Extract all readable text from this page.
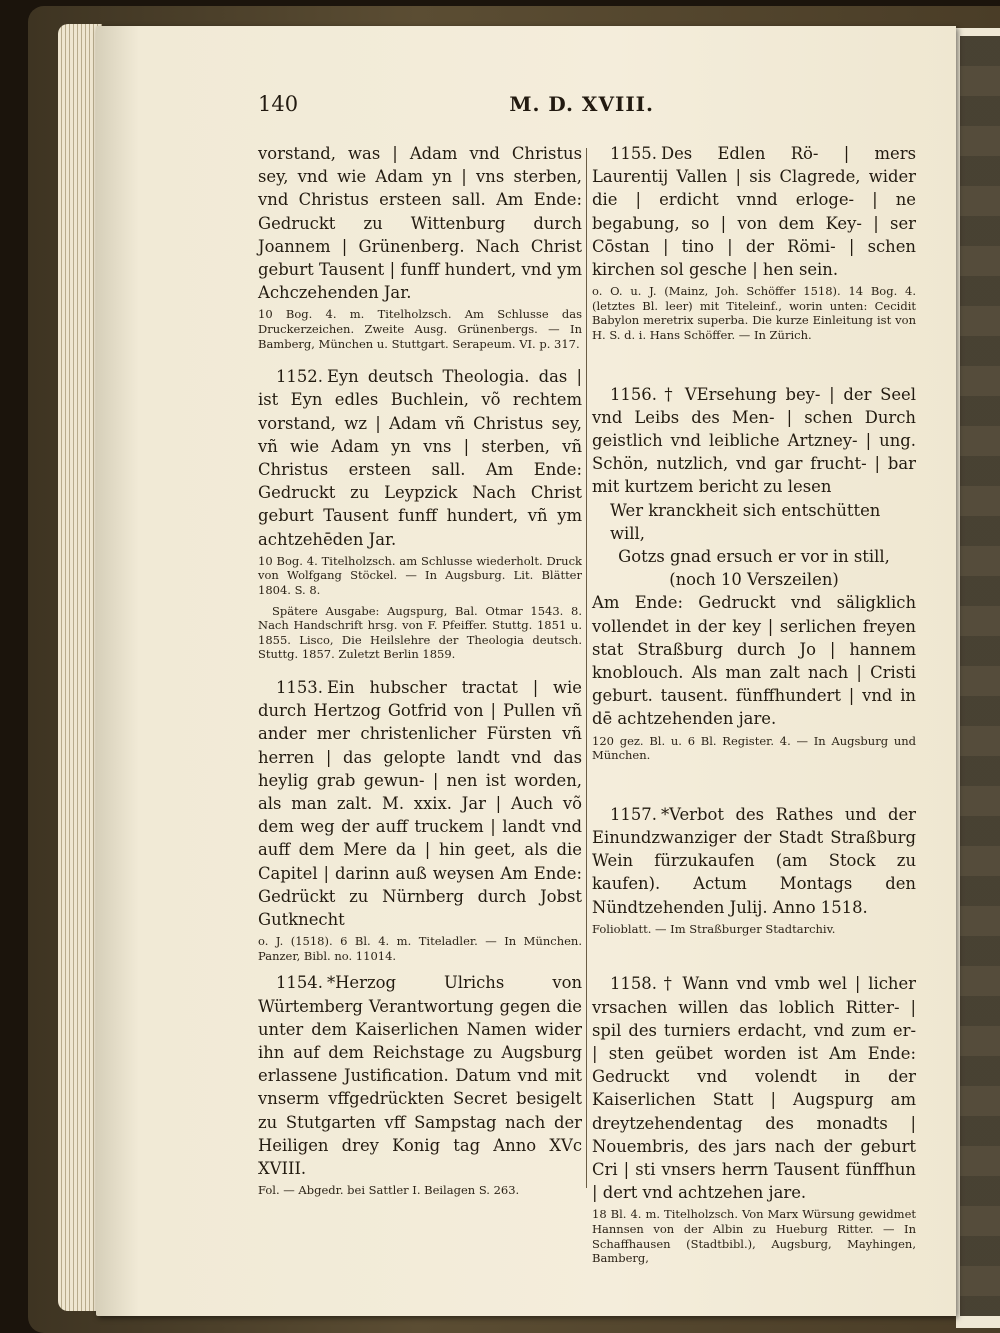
140	M. D. XVIII.

vorstand, was | Adam vnd Christus sey, vnd wie Adam yn | vns sterben, vnd Christus ersteen sall. Am Ende: Gedruckt zu Wittenburg durch Joannem | Grünenberg. Nach Christ geburt Tausent | funff hundert, vnd ym Achczehenden Jar.

10 Bog. 4. m. Titelholzsch. Am Schlusse das Druckerzeichen. Zweite Ausg. Grünenbergs. — In Bamberg, München u. Stuttgart. Serapeum. VI. p. 317.

1152. Eyn deutsch Theologia. das | ist Eyn edles Buchlein, võ rechtem vorstand, wz | Adam vñ Christus sey, vñ wie Adam yn vns | sterben, vñ Christus ersteen sall. Am Ende: Gedruckt zu Leypzick Nach Christ geburt Tausent funff hundert, vñ ym achtzehēden Jar.

10 Bog. 4. Titelholzsch. am Schlusse wiederholt. Druck von Wolfgang Stöckel. — In Augsburg. Lit. Blätter 1804. S. 8.

Spätere Ausgabe: Augspurg, Bal. Otmar 1543. 8. Nach Handschrift hrsg. von F. Pfeiffer. Stuttg. 1851 u. 1855. Lisco, Die Heilslehre der Theologia deutsch. Stuttg. 1857. Zuletzt Berlin 1859.

1153. Ein hubscher tractat | wie durch Hertzog Gotfrid von | Pullen vñ ander mer christenlicher Fürsten vñ herren | das gelopte landt vnd das heylig grab gewun- | nen ist worden, als man zalt. M. xxix. Jar | Auch võ dem weg der auff truckem | landt vnd auff dem Mere da | hin geet, als die Capitel | darinn auß weysen Am Ende: Gedrückt zu Nürnberg durch Jobst Gutknecht

o. J. (1518). 6 Bl. 4. m. Titeladler. — In München. Panzer, Bibl. no. 11014.

1154. *Herzog Ulrichs von Würtemberg Verantwortung gegen die unter dem Kaiserlichen Namen wider ihn auf dem Reichstage zu Augsburg erlassene Justification. Datum vnd mit vnserm vffgedrückten Secret besigelt zu Stutgarten vff Sampstag nach der Heiligen drey Konig tag Anno XVc XVIII.

Fol. — Abgedr. bei Sattler I. Beilagen S. 263.

1155. Des Edlen Rö- | mers Laurentij Vallen | sis Clagrede, wider die | erdicht vnnd erloge- | ne begabung, so | von dem Key- | ser Cōstan | tino | der Römi- | schen kirchen sol gesche | hen sein.

o. O. u. J. (Mainz, Joh. Schöffer 1518). 14 Bog. 4. (letztes Bl. leer) mit Titeleinf., worin unten: Cecidit Babylon meretrix superba. Die kurze Einleitung ist von H. S. d. i. Hans Schöffer. — In Zürich.

1156. † VErsehung bey- | der Seel vnd Leibs des Men- | schen Durch geistlich vnd leibliche Artzney- | ung. Schön, nutzlich, vnd gar frucht- | bar mit kurtzem bericht zu lesen

Wer kranckheit sich entschütten will,

Gotzs gnad ersuch er vor in still,

(noch 10 Verszeilen)

Am Ende: Gedruckt vnd säligklich vollendet in der key | serlichen freyen stat Straßburg durch Jo | hannem knoblouch. Als man zalt nach | Cristi geburt. tausent. fünffhundert | vnd in dē achtzehenden jare.

120 gez. Bl. u. 6 Bl. Register. 4. — In Augsburg und München.

1157. *Verbot des Rathes und der Einundzwanziger der Stadt Straßburg Wein fürzukaufen (am Stock zu kaufen). Actum Montags den Nündtzehenden Julij. Anno 1518.

Folioblatt. — Im Straßburger Stadtarchiv.

1158. † Wann vnd vmb wel | licher vrsachen willen das loblich Ritter- | spil des turniers erdacht, vnd zum er- | sten geübet worden ist Am Ende: Gedruckt vnd volendt in der Kaiserlichen Statt | Augspurg am dreytzehendentag des monadts | Nouembris, des jars nach der geburt Cri | sti vnsers herrn Tausent fünffhun | dert vnd achtzehen jare.

18 Bl. 4. m. Titelholzsch. Von Marx Würsung gewidmet Hannsen von der Albin zu Hueburg Ritter. — In Schaffhausen (Stadtbibl.), Augsburg, Mayhingen, Bamberg,
